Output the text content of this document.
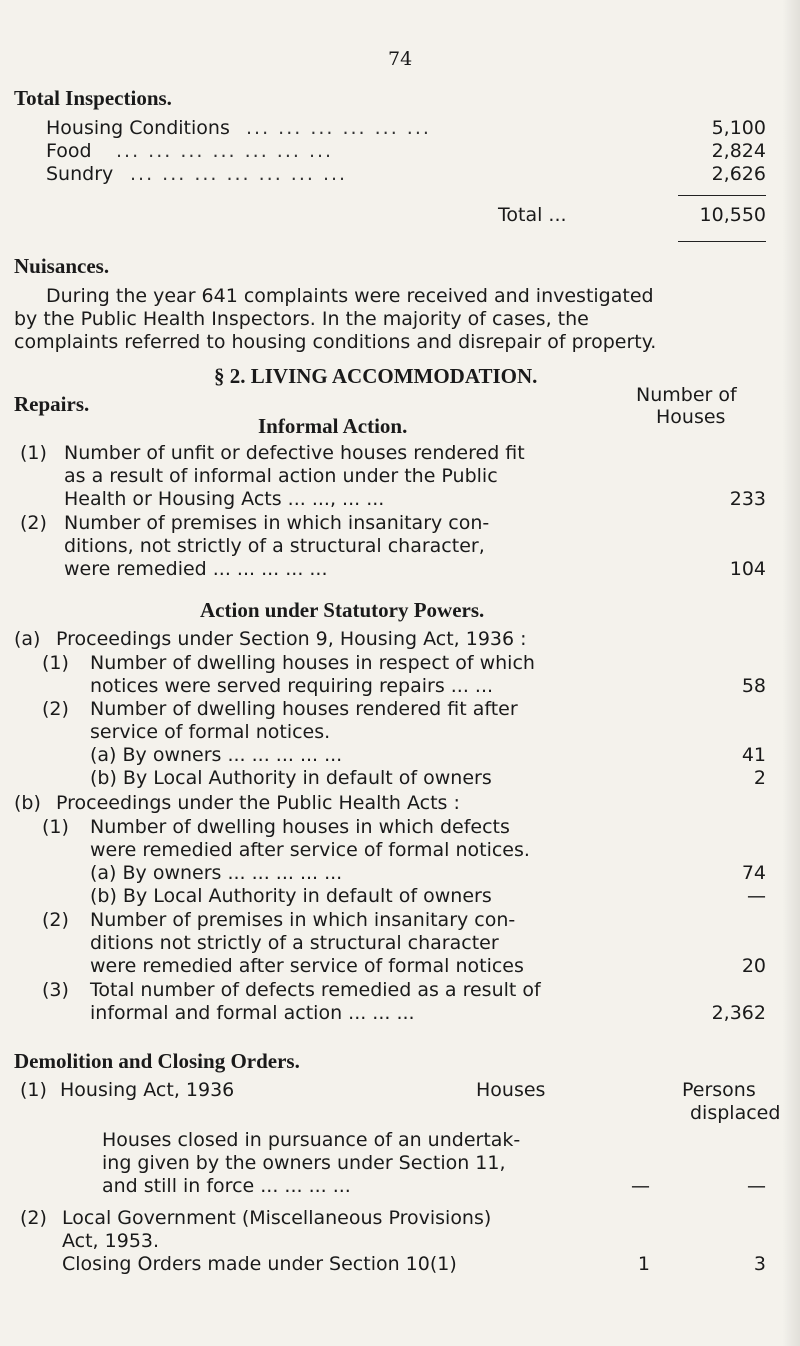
74
Total Inspections.
Housing Conditions ... ... ... ... ... ...	5,100
Food ... ... ... ... ... ... ...	2,824
Sundry ... ... ... ... ... ... ...	2,626
Total ...	10,550
Nuisances.
During the year 641 complaints were received and investigated
by the Public Health Inspectors. In the majority of cases, the
complaints referred to housing conditions and disrepair of property.
§ 2. LIVING ACCOMMODATION.
Repairs.	Number of
Houses
Informal Action.
(1) Number of unfit or defective houses rendered fit
as a result of informal action under the Public
Health or Housing Acts ... ..., ... ...	233
(2) Number of premises in which insanitary con-
ditions, not strictly of a structural character,
were remedied ... ... ... ... ...	104
Action under Statutory Powers.
(a) Proceedings under Section 9, Housing Act, 1936 :
(1) Number of dwelling houses in respect of which
notices were served requiring repairs ... ...	58
(2) Number of dwelling houses rendered fit after
service of formal notices.
(a) By owners ... ... ... ... ...	41
(b) By Local Authority in default of owners	2
(b) Proceedings under the Public Health Acts :
(1) Number of dwelling houses in which defects
were remedied after service of formal notices.
(a) By owners ... ... ... ... ...	74
(b) By Local Authority in default of owners	—
(2) Number of premises in which insanitary con-
ditions not strictly of a structural character
were remedied after service of formal notices	20
(3) Total number of defects remedied as a result of
informal and formal action ... ... ...	2,362
Demolition and Closing Orders.
(1) Housing Act, 1936	Houses	Persons
displaced
Houses closed in pursuance of an undertak-
ing given by the owners under Section 11,
and still in force ... ... ... ...	—	—
(2) Local Government (Miscellaneous Provisions)
Act, 1953.
Closing Orders made under Section 10(1)	1	3
